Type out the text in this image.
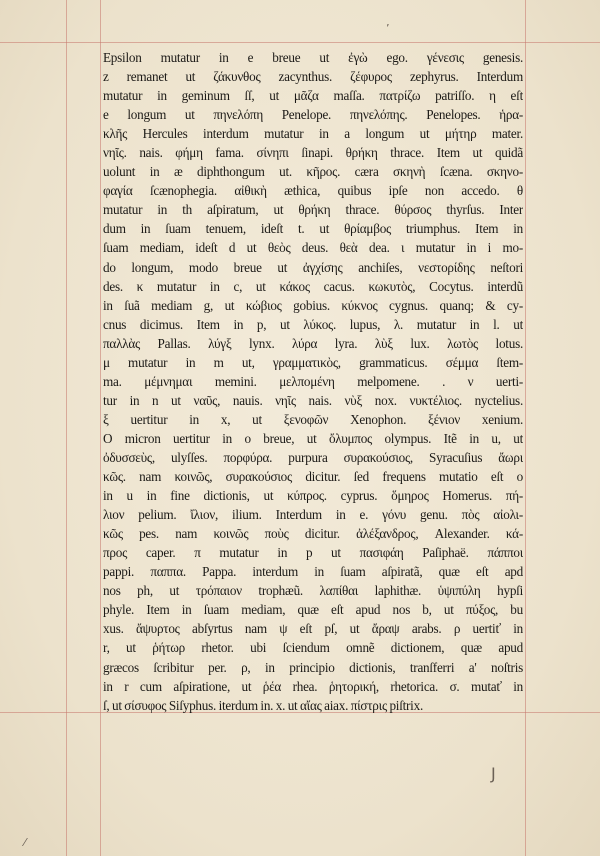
ʼ
J
⁄
Epsilon mutatur in e breue ut ἐγὼ ego. γένεσις genesis.
z remanet ut ζάκυνθος zacynthus. ζέφυρος zephyrus. Interdum
mutatur in geminum ſſ, ut μᾶζα maſſa. πατρίζω patriſſo. η eſt
e longum ut πηνελόπη Penelope. πηνελόπης. Penelopes. ἡρα-
κλῆς Hercules interdum mutatur in a longum ut μήτηρ mater.
νηῖς. nais. φήμη fama. σίνηπι ſinapi. θρήκη thrace. Item ut quidã
uolunt in æ diphthongum ut. κῆρος. cæra σκηνὴ ſcæna. σκηνο-
φαγία ſcænophegia. αἰθικὴ æthica, quibus ipſe non accedo. θ
mutatur in th aſpiratum, ut θρήκη thrace. θύρσος thyrſus. Inter
dum in ſuam tenuem, ideſt t. ut θρίαμβος triumphus. Item in
ſuam mediam, ideſt d ut θεὸς deus. θεὰ dea. ι mutatur in i mo-
do longum, modo breue ut ἀγχίσης anchiſes, νεστορίδης neſtori
des. κ mutatur in c, ut κάκος cacus. κωκυτὸς, Cocytus. interdũ
in ſuã mediam g, ut κώβιος gobius. κύκνος cygnus. quanq; & cy-
cnus dicimus. Item in p, ut λύκος. lupus, λ. mutatur in l. ut
παλλὰς Pallas. λύγξ lynx. λύρα lyra. λὺξ lux. λωτὸς lotus.
μ mutatur in m ut, γραμματικὸς, grammaticus. σέμμα ſtem-
ma. μέμνημαι memini. μελπομένη melpomene. . ν uerti-
tur in n ut ναῦς, nauis. νηῖς nais. νὺξ nox. νυκτέλιος. nyctelius.
ξ uertitur in x, ut ξενοφῶν Xenophon. ξένιον xenium.
O micron uertitur in o breue, ut ὄλυμπος olympus. Itẽ in u, ut
ὀδυσσεὺς, ulyſſes. πορφύρα. purpura συρακούσιος, Syracuſius ἄωρι
κῶς. nam κοινῶς, συρακούσιος dicitur. ſed frequens mutatio eſt o
in u in fine dictionis, ut κύπρος. cyprus. ὅμηρος Homerus. πή-
λιον pelium. ἴλιον, ilium. Interdum in e. γόνυ genu. πὸς αἰολι-
κῶς pes. nam κοινῶς ποὺς dicitur. ἀλέξανδρος, Alexander. κά-
προς caper. π mutatur in p ut πασιφάη Paſiphaë. πάπποι
pappi. παππα. Pappa. interdum in ſuam aſpiratã, quæ eſt apd
nos ph, ut τρόπαιον trophæũ. λαπίθαι laphithæ. ὑψιπύλη hypſi
phyle. Item in ſuam mediam, quæ eſt apud nos b, ut πύξος, bu
xus. ἄψυρτος abſyrtus nam ψ eſt pſ, ut ἄραψ arabs. ρ uertiť in
r, ut ῥήτωρ rhetor. ubi ſciendum omnẽ dictionem, quæ apud
græcos ſcribitur per. ρ, in principio dictionis, tranſferri a' noſtris
in r cum aſpiratione, ut ῥέα rhea. ῥητορική, rhetorica. σ. mutať in
ſ, ut σίσυφος Siſyphus. iterdum in. x. ut αἴας aiax. πίστρις piſtrix.
